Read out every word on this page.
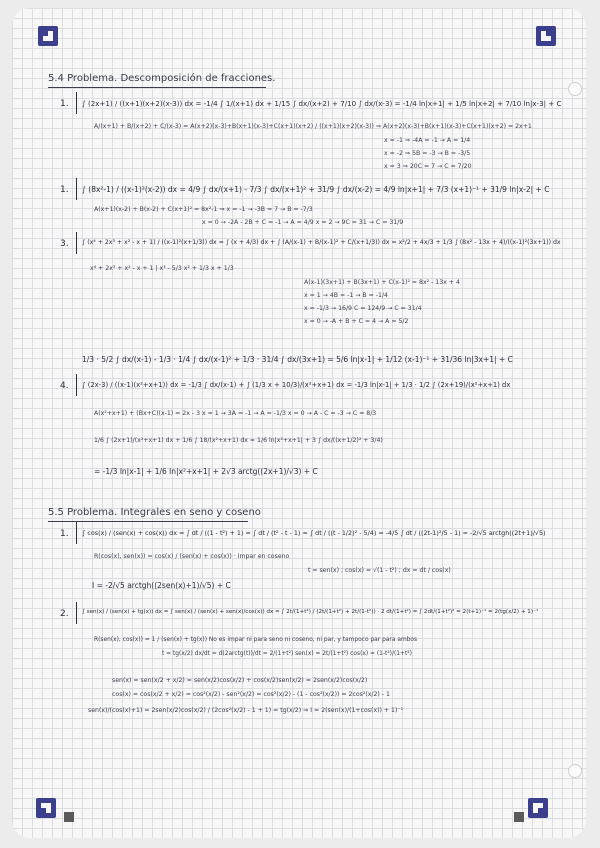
5.4 Problema. Descomposición de fracciones.
1. ∫ (2x+1) / ((x+1)(x+2)(x-3)) dx = -1/4 ∫ 1/(x+1) dx + 1/15 ∫ dx/(x+2) + 7/10 ∫ dx/(x-3) = -1/4 ln|x+1| + 1/5 ln|x+2| + 7/10 ln|x-3| + C
A/(x+1) + B/(x+2) + C/(x-3) = A(x+2)(x-3)+B(x+1)(x-3)+C(x+1)(x+2) / ((x+1)(x+2)(x-3)) ⇒ A(x+2)(x-3)+B(x+1)(x-3)+C(x+1)(x+2) = 2x+1
x = -1 ⇒ -4A = -1 → A = 1/4
x = -2 ⇒ 5B = -3 → B = -3/5
x = 3 ⇒ 20C = 7 → C = 7/20
1. ∫ (8x²-1) / ((x-1)²(x-2)) dx = 4/9 ∫ dx/(x+1) - 7/3 ∫ dx/(x+1)² + 31/9 ∫ dx/(x-2) = 4/9 ln|x+1| + 7/3 (x+1)⁻¹ + 31/9 ln|x-2| + C
A(x+1)(x-2) + B(x-2) + C(x+1)² = 8x²-1 ⇒ x = -1 → -3B = 7 → B = -7/3
x = 0 → -2A - 2B + C = -1 → A = 4/9 x = 2 → 9C = 31 → C = 31/9
3. ∫ (x⁴ + 2x³ + x² - x + 1) / ((x-1)²(x+1/3)) dx = ∫ (x + 4/3) dx + ∫ (A/(x-1) + B/(x-1)² + C/(x+1/3)) dx = x²/2 + 4x/3 + 1/3 ∫ (8x² - 13x + 4)/((x-1)²(3x+1)) dx
x⁴ + 2x³ + x² - x + 1 | x³ - 5/3 x² + 1/3 x + 1/3
A(x-1)(3x+1) + B(3x+1) + C(x-1)² = 8x² - 13x + 4
x = 1 → 4B = -1 → B = -1/4
x = -1/3 → 16/9 C = 124/9 → C = 31/4
x = 0 → -A + B + C = 4 → A = 5/2
1/3 · 5/2 ∫ dx/(x-1) - 1/3 · 1/4 ∫ dx/(x-1)² + 1/3 · 31/4 ∫ dx/(3x+1) = 5/6 ln|x-1| + 1/12 (x-1)⁻¹ + 31/36 ln|3x+1| + C
4. ∫ (2x-3) / ((x-1)(x²+x+1)) dx = -1/3 ∫ dx/(x-1) + ∫ (1/3 x + 10/3)/(x²+x+1) dx = -1/3 ln|x-1| + 1/3 · 1/2 ∫ (2x+19)/(x²+x+1) dx
A(x²+x+1) + (Bx+C)(x-1) = 2x - 3 x = 1 → 3A = -1 → A = -1/3 x = 0 → A - C = -3 → C = 8/3
1/6 ∫ (2x+1)/(x²+x+1) dx + 1/6 ∫ 18/(x²+x+1) dx = 1/6 ln|x²+x+1| + 3 ∫ dx/((x+1/2)² + 3/4)
= -1/3 ln|x-1| + 1/6 ln|x²+x+1| + 2√3 arctg((2x+1)/√3) + C
5.5 Problema. Integrales en seno y coseno
1. ∫ cos(x) / (sen(x) + cos(x)) dx = ∫ dt / ((1 - t²) + 1) = ∫ dt / (t² - t - 1) = ∫ dt / ((t - 1/2)² - 5/4) = -4/5 ∫ dt / ((2t-1)²/5 - 1) = -2/√5 arctgh((2t+1)/√5)
R(cos(x), sen(x)) = cos(x) / (sen(x) + cos(x)) · Impar en coseno
t = sen(x) ; cos(x) = √(1 - t²) ; dx = dt / cos(x)
I = -2/√5 arctgh((2sen(x)+1)/√5) + C
2. ∫ sen(x) / (sen(x) + tg(x)) dx = ∫ sen(x) / (sen(x) + sen(x)/cos(x)) dx = ∫ 2t/(1+t²) / (2t/(1+t²) + 2t/(1-t²)) · 2 dt/(1+t²) = ∫ 2dt/(1+t²)² = 2(t+1)⁻¹ = 2(tg(x/2) + 1)⁻¹
R(sen(x), cos(x)) = 1 / (sen(x) + tg(x)) No es impar ni para seno ni coseno, ni par, y tampoco par para ambos
t = tg(x/2) dx/dt = d(2arctg(t))/dt = 2/(1+t²) sen(x) = 2t/(1+t²) cos(x) = (1-t²)/(1+t²)
sen(x) = sen(x/2 + x/2) = sen(x/2)cos(x/2) + cos(x/2)sen(x/2) = 2sen(x/2)cos(x/2)
cos(x) = cos(x/2 + x/2) = cos²(x/2) - sen²(x/2) = cos²(x/2) - (1 - cos²(x/2)) = 2cos²(x/2) - 1
sen(x)/(cos(x)+1) = 2sen(x/2)cos(x/2) / (2cos²(x/2) - 1 + 1) = tg(x/2) ⇒ I = 2(sen(x)/(1+cos(x)) + 1)⁻¹
